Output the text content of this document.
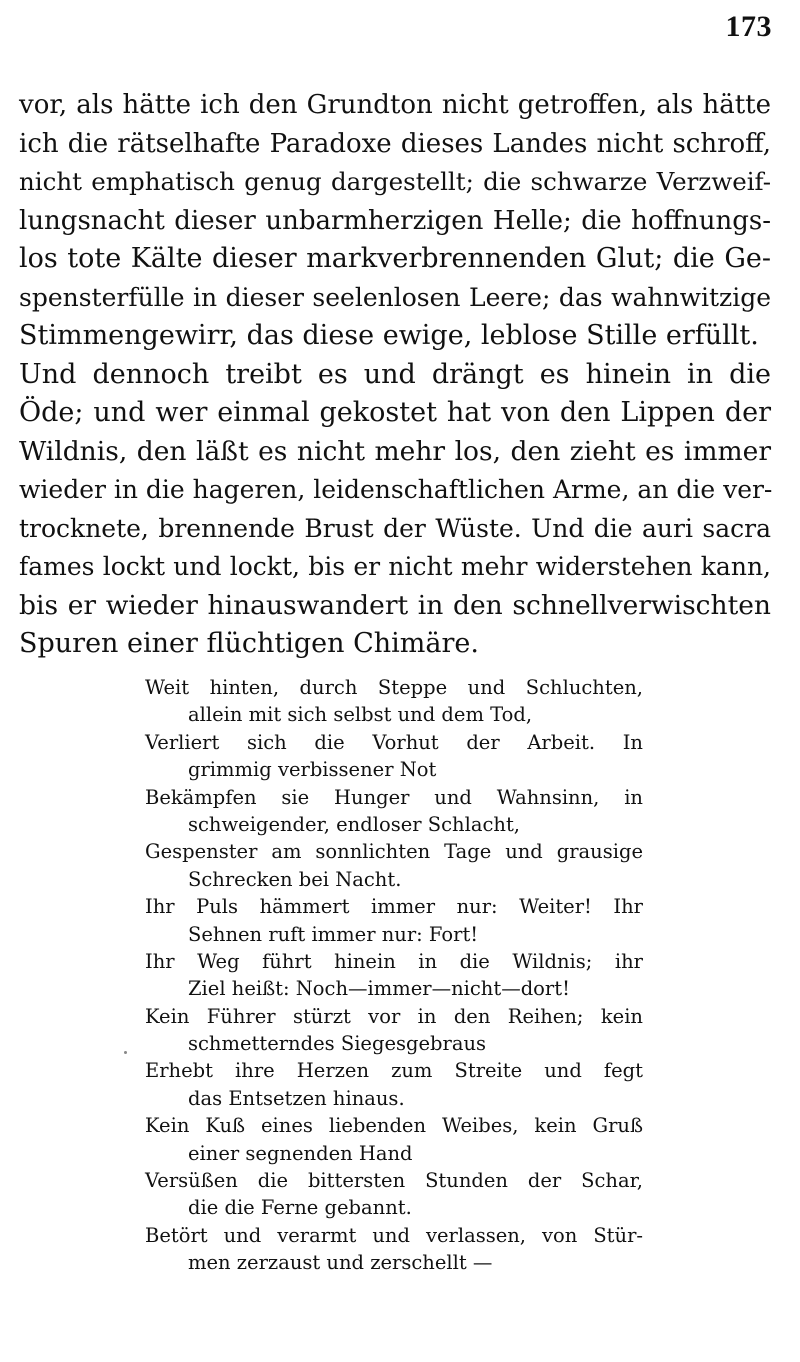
173
vor, als hätte ich den Grundton nicht getroffen, als hätte
ich die rätselhafte Paradoxe dieses Landes nicht schroff,
nicht emphatisch genug dargestellt; die schwarze Verzweif-
lungsnacht dieser unbarmherzigen Helle; die hoffnungs-
los tote Kälte dieser markverbrennenden Glut; die Ge-
spensterfülle in dieser seelenlosen Leere; das wahnwitzige
Stimmengewirr, das diese ewige, leblose Stille erfüllt.
Und dennoch treibt es und drängt es hinein in die
Öde; und wer einmal gekostet hat von den Lippen der
Wildnis, den läßt es nicht mehr los, den zieht es immer
wieder in die hageren, leidenschaftlichen Arme, an die ver-
trocknete, brennende Brust der Wüste. Und die auri sacra
fames lockt und lockt, bis er nicht mehr widerstehen kann,
bis er wieder hinauswandert in den schnellverwischten
Spuren einer flüchtigen Chimäre.
Weit hinten, durch Steppe und Schluchten,
allein mit sich selbst und dem Tod,
Verliert sich die Vorhut der Arbeit. In
grimmig verbissener Not
Bekämpfen sie Hunger und Wahnsinn, in
schweigender, endloser Schlacht,
Gespenster am sonnlichten Tage und grausige
Schrecken bei Nacht.
Ihr Puls hämmert immer nur: Weiter! Ihr
Sehnen ruft immer nur: Fort!
Ihr Weg führt hinein in die Wildnis; ihr
Ziel heißt: Noch—immer—nicht—dort!
Kein Führer stürzt vor in den Reihen; kein
schmetterndes Siegesgebraus
Erhebt ihre Herzen zum Streite und fegt
das Entsetzen hinaus.
Kein Kuß eines liebenden Weibes, kein Gruß
einer segnenden Hand
Versüßen die bittersten Stunden der Schar,
die die Ferne gebannt.
Betört und verarmt und verlassen, von Stür-
men zerzaust und zerschellt —
